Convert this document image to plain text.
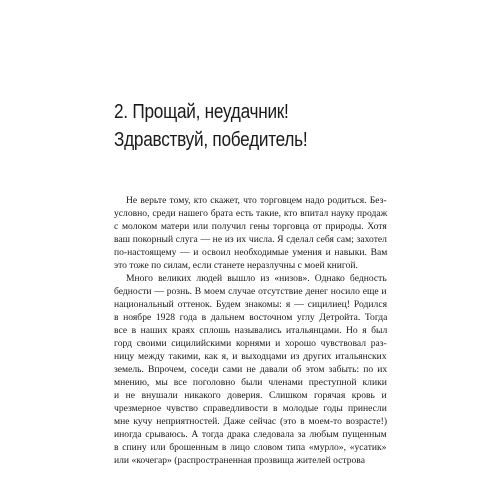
2. Прощай, неудачник!
Здравствуй, победитель!
Не верьте тому, кто скажет, что торговцем надо родиться. Без-
условно, среди нашего брата есть такие, кто впитал науку продаж
с молоком матери или получил гены торговца от природы. Хотя
ваш покорный слуга — не из их числа. Я сделал себя сам; захотел
по-настоящему — и освоил необходимые умения и навыки. Вам
это тоже по силам, если станете неразлучны с моей книгой.
Много великих людей вышло из «низов». Однако бедность
бедности — рознь. В моем случае отсутствие денег носило еще и
национальный оттенок. Будем знакомы: я — сицилиец! Родился
в ноябре 1928 года в дальнем восточном углу Детройта. Тогда
все в наших краях сплошь назывались итальянцами. Но я был
горд своими сицилийскими корнями и хорошо чувствовал раз-
ницу между такими, как я, и выходцами из других итальянских
земель. Впрочем, соседи сами не давали об этом забыть: по их
мнению, мы все поголовно были членами преступной клики
и не внушали никакого доверия. Слишком горячая кровь и
чрезмерное чувство справедливости в молодые годы принесли
мне кучу неприятностей. Даже сейчас (это в моем-то возрасте!)
иногда срываюсь. А тогда драка следовала за любым пущенным
в спину или брошенным в лицо словом типа «мурло», «усатик»
или «кочегар» (распространенная прозвища жителей острова
